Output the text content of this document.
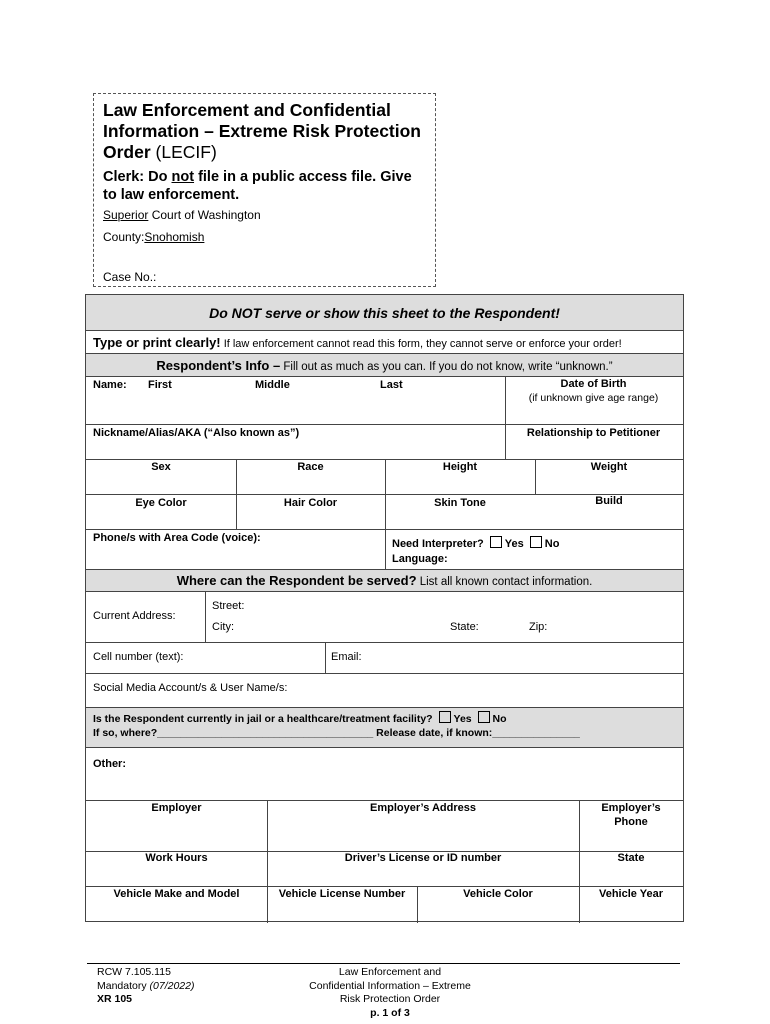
Law Enforcement and Confidential Information – Extreme Risk Protection Order (LECIF)
Clerk: Do not file in a public access file. Give to law enforcement.
Superior Court of Washington
County:Snohomish
Case No.:
Do NOT serve or show this sheet to the Respondent!
Type or print clearly! If law enforcement cannot read this form, they cannot serve or enforce your order!
Respondent’s Info – Fill out as much as you can. If you do not know, write “unknown.”
Name: First	Middle	Last	Date of Birth
(if unknown give age range)
Nickname/Alias/AKA (“Also known as”)	Relationship to Petitioner
Sex	Race	Height	Weight
Eye Color	Hair Color	Skin Tone	Build
Phone/s with Area Code (voice):	Need Interpreter? Yes No
Language:
Where can the Respondent be served? List all known contact information.
Current Address:
Street:
City:	State:	Zip:
Cell number (text):	Email:
Social Media Account/s & User Name/s:
Is the Respondent currently in jail or a healthcare/treatment facility? Yes No
If so, where?_____________________________________ Release date, if known:_______________
Other:
Employer	Employer’s Address	Employer’s
Phone
Work Hours	Driver’s License or ID number	State
Vehicle Make and Model	Vehicle License Number	Vehicle Color	Vehicle Year
RCW 7.105.115
Mandatory (07/2022)
XR 105
Law Enforcement and
Confidential Information – Extreme
Risk Protection Order
p. 1 of 3
